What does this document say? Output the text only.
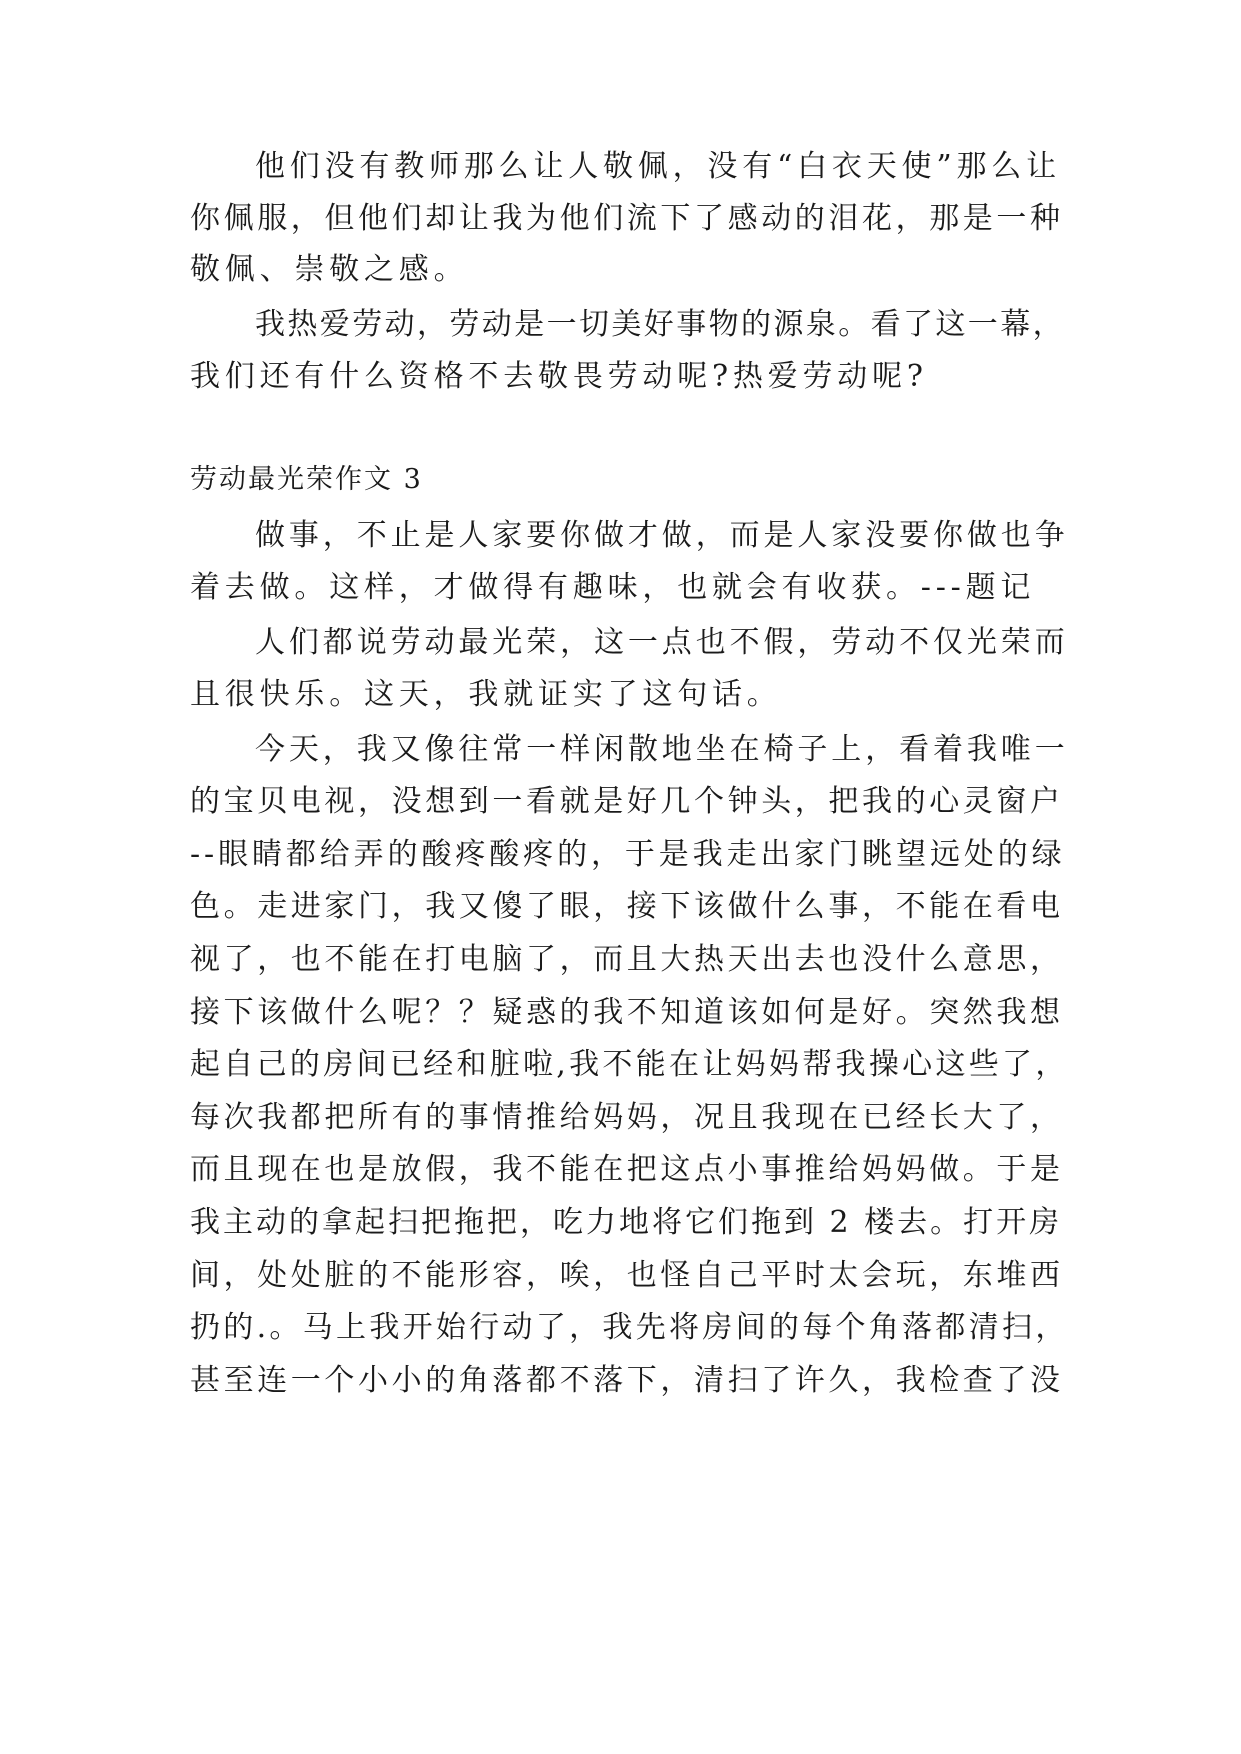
他们没有教师那么让人敬佩，没有“白衣天使”那么让
你佩服，但他们却让我为他们流下了感动的泪花，那是一种
敬佩、崇敬之感。
我热爱劳动，劳动是一切美好事物的源泉。看了这一幕，
我们还有什么资格不去敬畏劳动呢?热爱劳动呢?
劳动最光荣作文 3
做事，不止是人家要你做才做，而是人家没要你做也争
着去做。这样，才做得有趣味，也就会有收获。---题记
人们都说劳动最光荣，这一点也不假，劳动不仅光荣而
且很快乐。这天，我就证实了这句话。
今天，我又像往常一样闲散地坐在椅子上，看着我唯一
的宝贝电视，没想到一看就是好几个钟头，把我的心灵窗户
--眼睛都给弄的酸疼酸疼的，于是我走出家门眺望远处的绿
色。走进家门，我又傻了眼，接下该做什么事，不能在看电
视了，也不能在打电脑了，而且大热天出去也没什么意思，
接下该做什么呢？？疑惑的我不知道该如何是好。突然我想
起自己的房间已经和脏啦,我不能在让妈妈帮我操心这些了，
每次我都把所有的事情推给妈妈，况且我现在已经长大了，
而且现在也是放假，我不能在把这点小事推给妈妈做。于是
我主动的拿起扫把拖把，吃力地将它们拖到 2 楼去。打开房
间，处处脏的不能形容，唉，也怪自己平时太会玩，东堆西
扔的.。马上我开始行动了，我先将房间的每个角落都清扫，
甚至连一个小小的角落都不落下，清扫了许久，我检查了没
